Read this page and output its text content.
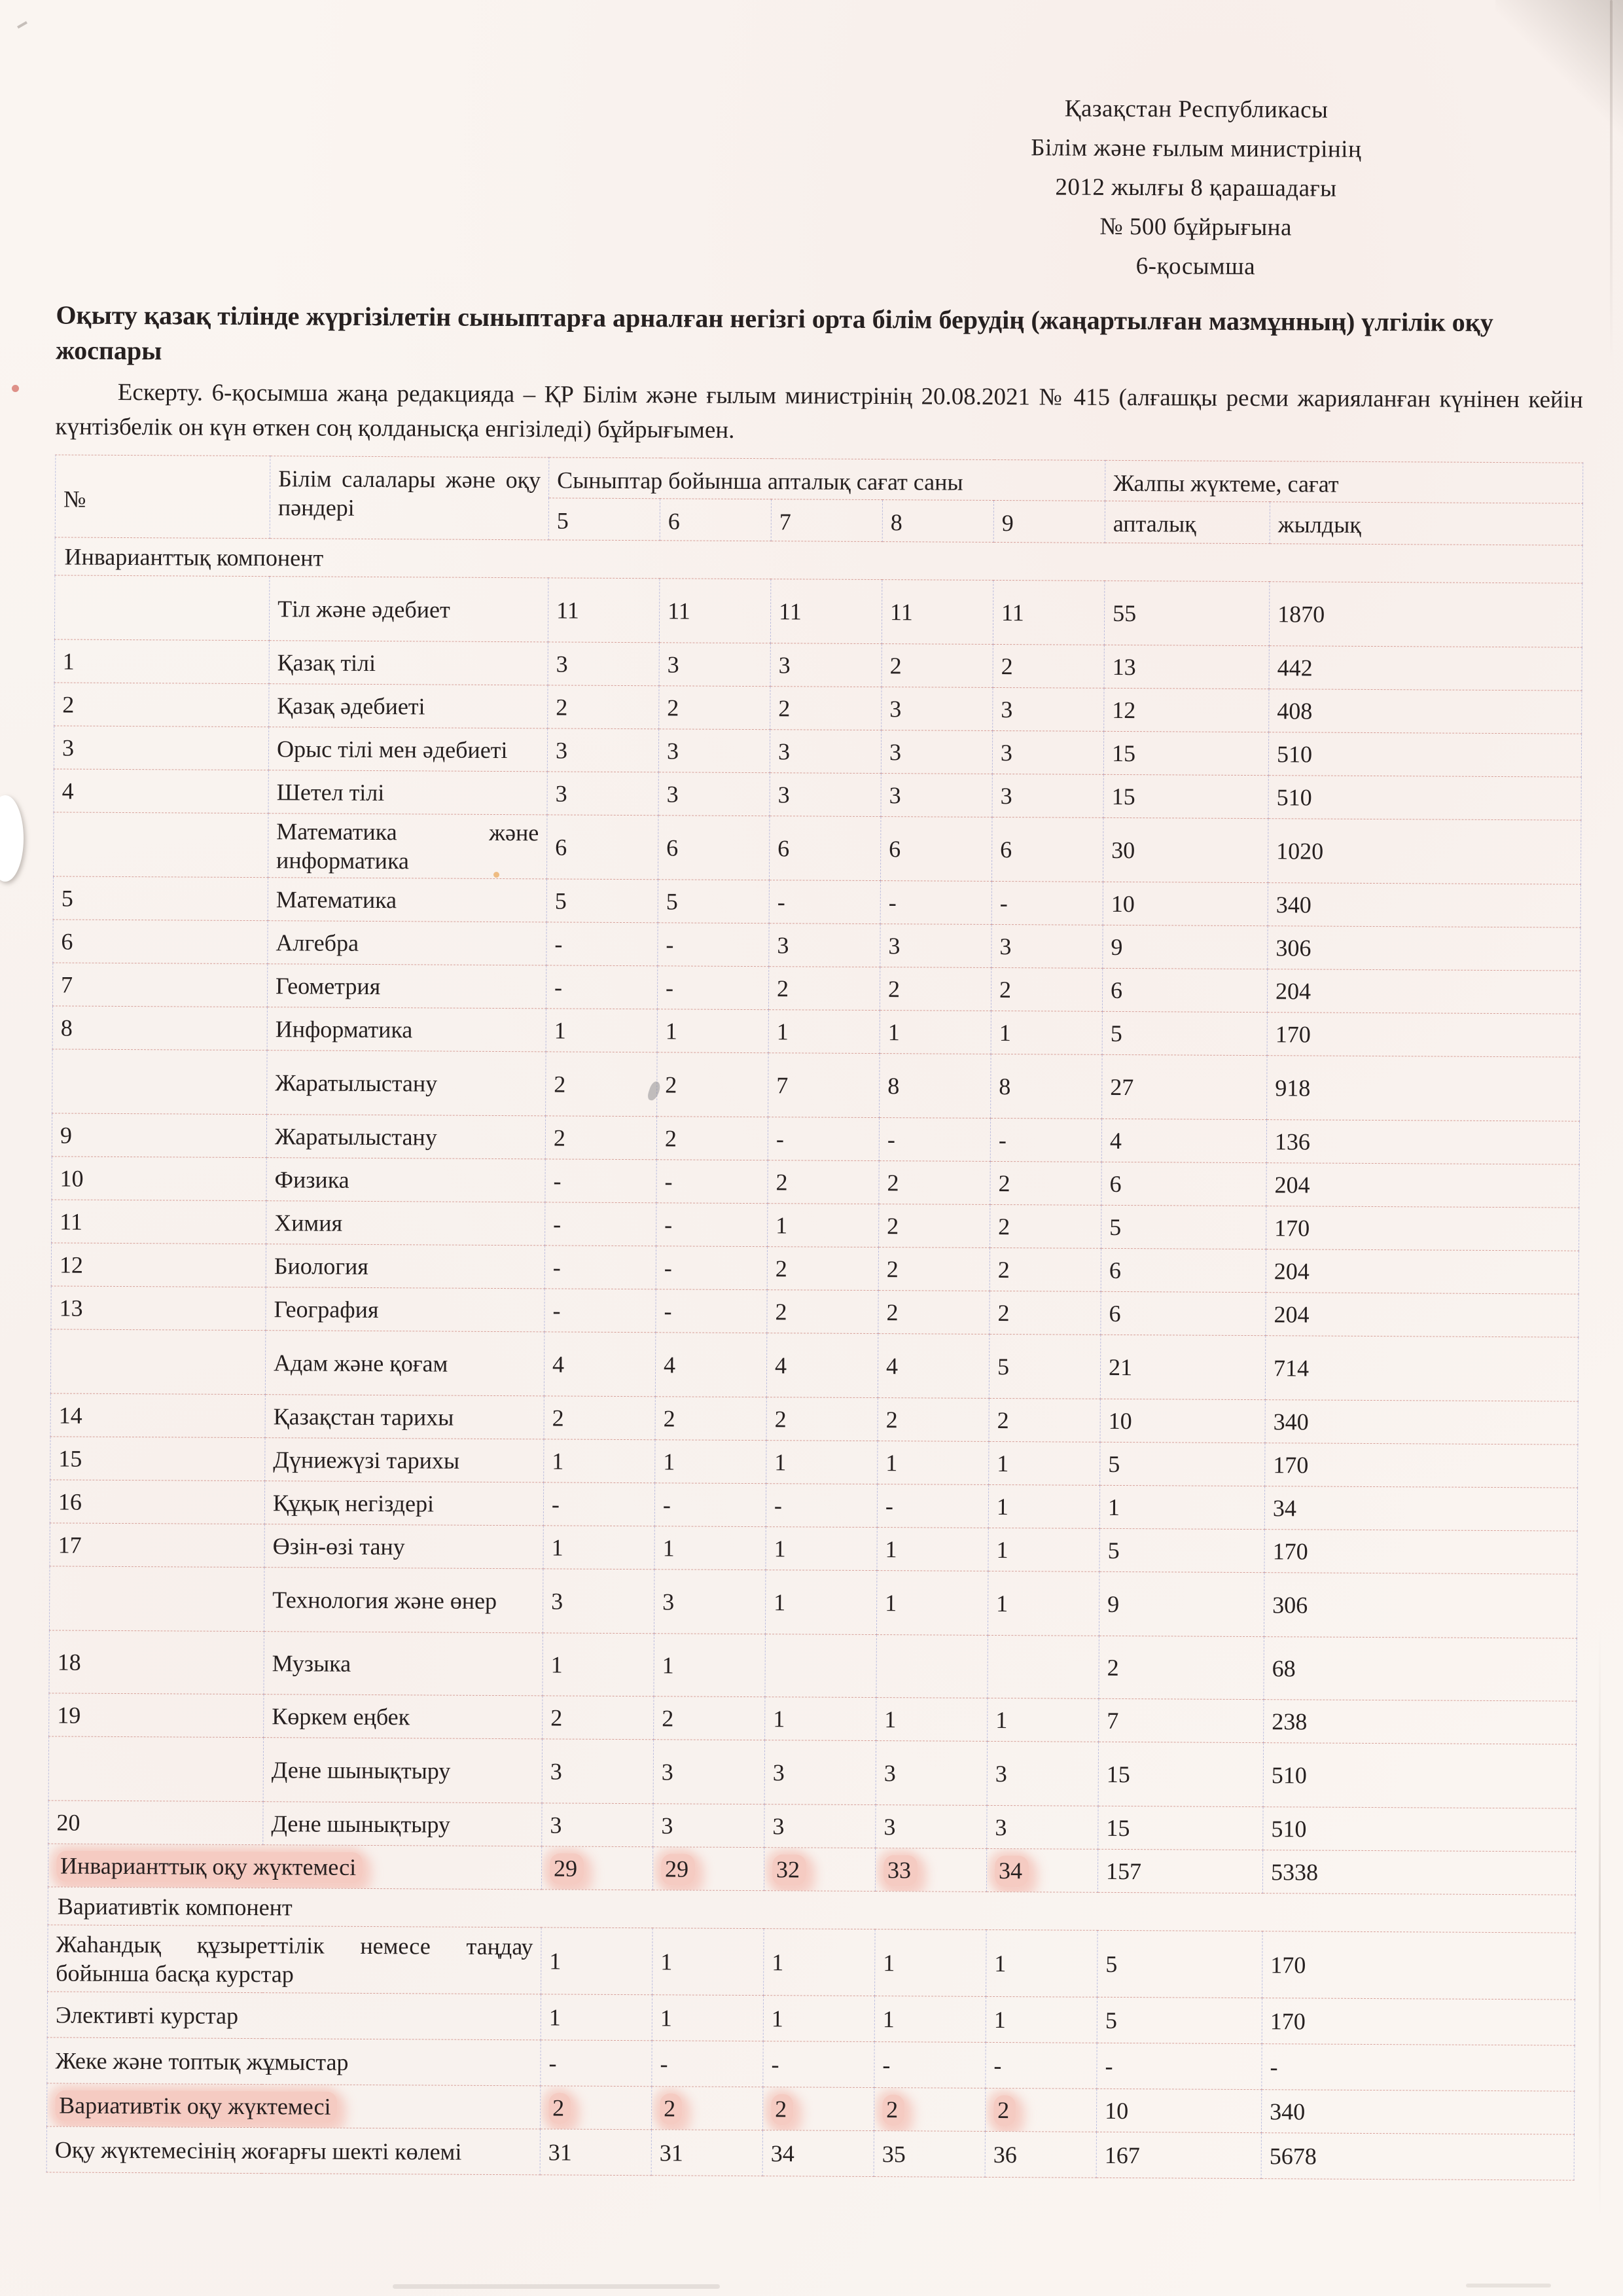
Қазақстан Республикасы
Білім және ғылым министрінің
2012 жылғы 8 қарашадағы
№ 500 бұйрығына
6-қосымша
Оқыту қазақ тілінде жүргізілетін сыныптарға арналған негізгі орта білім берудің (жаңартылған мазмұнның) үлгілік оқу жоспары
Ескерту. 6-қосымша жаңа редакцияда – ҚР Білім және ғылым министрінің 20.08.2021 № 415 (алғашқы ресми жарияланған күнінен кейін күнтізбелік он күн өткен соң қолданысқа енгізіледі) бұйрығымен.
№	Білім салалары және оқу пәндері	Сыныптар бойынша апталық сағат саны					Жалпы жүктеме, сағат	
		5	6	7	8	9	апталық	жылдық
Инварианттық компонент								
	Тіл және әдебиет	11	11	11	11	11	55	1870
1	Қазақ тілі	3	3	3	2	2	13	442
2	Қазақ әдебиеті	2	2	2	3	3	12	408
3	Орыс тілі мен әдебиеті	3	3	3	3	3	15	510
4	Шетел тілі	3	3	3	3	3	15	510
	Математика және информатика	6	6	6	6	6	30	1020
5	Математика	5	5	-	-	-	10	340
6	Алгебра	-	-	3	3	3	9	306
7	Геометрия	-	-	2	2	2	6	204
8	Информатика	1	1	1	1	1	5	170
	Жаратылыстану	2	2	7	8	8	27	918
9	Жаратылыстану	2	2	-	-	-	4	136
10	Физика	-	-	2	2	2	6	204
11	Химия	-	-	1	2	2	5	170
12	Биология	-	-	2	2	2	6	204
13	География	-	-	2	2	2	6	204
	Адам және қоғам	4	4	4	4	5	21	714
14	Қазақстан тарихы	2	2	2	2	2	10	340
15	Дүниежүзі тарихы	1	1	1	1	1	5	170
16	Құқық негіздері	-	-	-	-	1	1	34
17	Өзін-өзі тану	1	1	1	1	1	5	170
	Технология және өнер	3	3	1	1	1	9	306
18	Музыка	1	1				2	68
19	Көркем еңбек	2	2	1	1	1	7	238
	Дене шынықтыру	3	3	3	3	3	15	510
20	Дене шынықтыру	3	3	3	3	3	15	510
Инварианттық оқу жүктемесі		29	29	32	33	34	157	5338
Вариативтік компонент								
Жаһандық құзыреттілік немесе таңдау бойынша басқа курстар		1	1	1	1	1	5	170
Элективті курстар		1	1	1	1	1	5	170
Жеке және топтық жұмыстар		-	-	-	-	-	-	-
Вариативтік оқу жүктемесі		2	2	2	2	2	10	340
Оқу жүктемесінің жоғарғы шекті көлемі		31	31	34	35	36	167	5678
